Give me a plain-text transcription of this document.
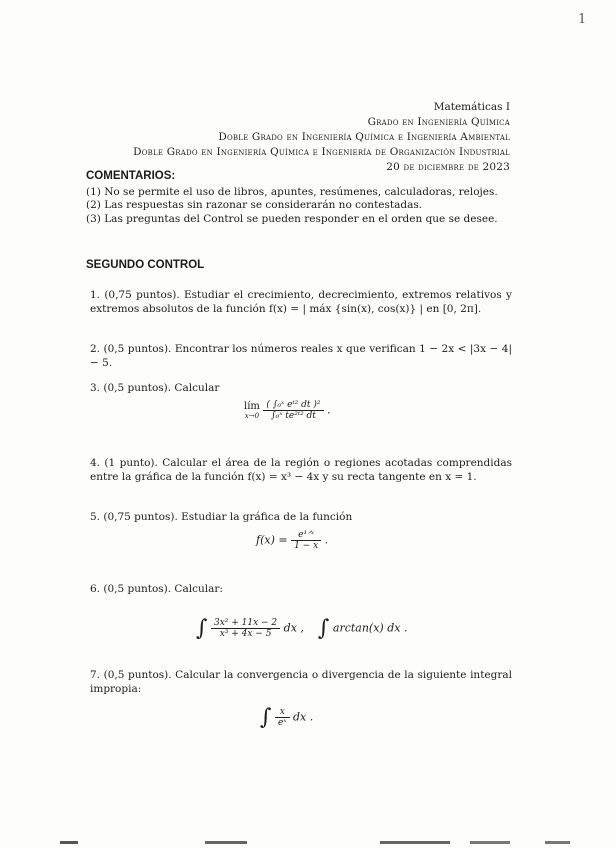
1
Matemáticas I
Grado en Ingeniería Química
Doble Grado en Ingeniería Química e Ingeniería Ambiental
Doble Grado en Ingeniería Química e Ingeniería de Organización Industrial
20 de diciembre de 2023
COMENTARIOS:
(1) No se permite el uso de libros, apuntes, resúmenes, calculadoras, relojes.
(2) Las respuestas sin razonar se considerarán no contestadas.
(3) Las preguntas del Control se pueden responder en el orden que se desee.
SEGUNDO CONTROL
1. (0,75 puntos). Estudiar el crecimiento, decrecimiento, extremos relativos y extremos absolutos de la función f(x) = | máx {sin(x), cos(x)} | en [0, 2π].
2. (0,5 puntos). Encontrar los números reales x que verifican 1 − 2x < |3x − 4| − 5.
3. (0,5 puntos). Calcular
lím
x→0
$\frac{\text{( ∫₀ˣ eᵗ² dt )²}}{\text{∫₀ˣ te²ᵗ² dt}}$ .
4. (1 punto). Calcular el área de la región o regiones acotadas comprendidas entre la gráfica de la función f(x) = x³ − 4x y su recta tangente en x = 1.
5. (0,75 puntos). Estudiar la gráfica de la función
$f(x) = \frac{\text{e¹ᐟˣ}}{1 - x}$ .
6. (0,5 puntos). Calcular:
∫ $\frac{\text{3x² + 11x − 2}}{\text{x³ + 4x − 5}}$ dx , ∫ arctan(x) dx .
7. (0,5 puntos). Calcular la convergencia o divergencia de la siguiente integral impropia:
∫ $\frac{x}{\text{eˣ}}$ dx .
